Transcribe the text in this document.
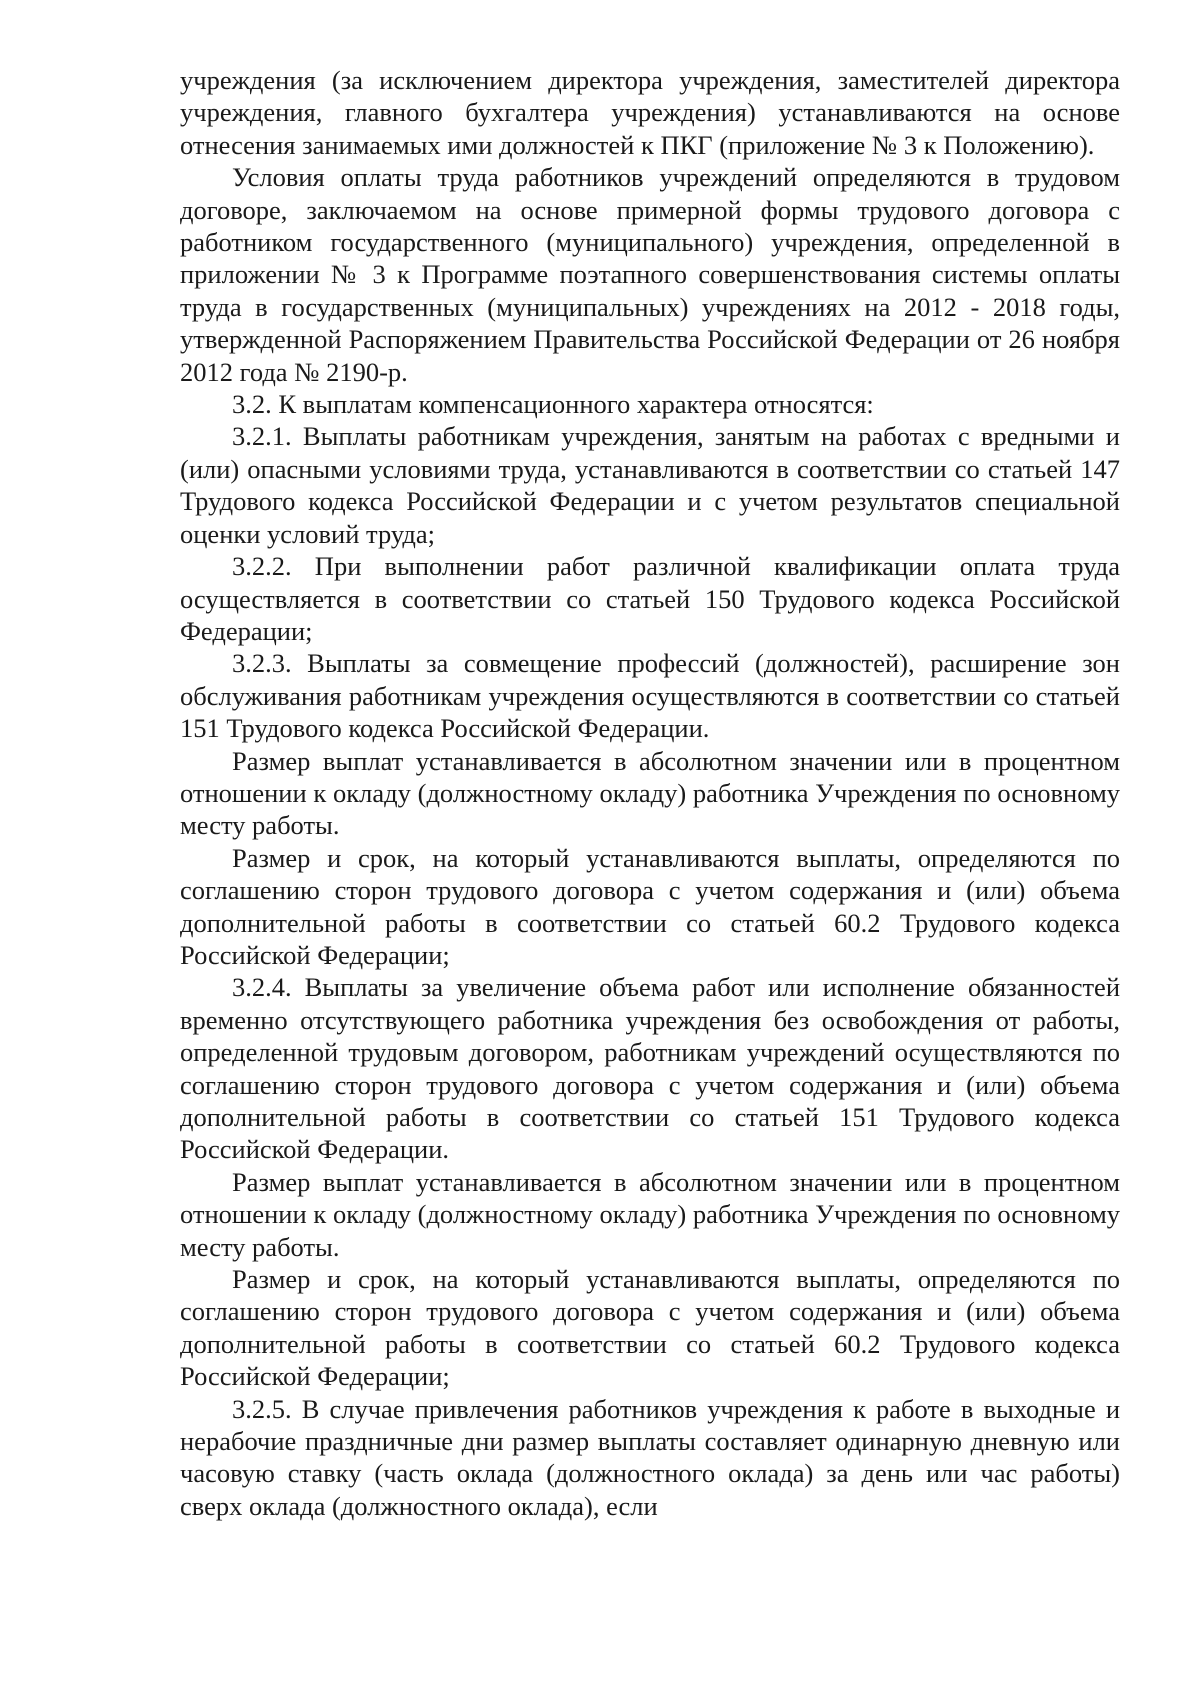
учреждения (за исключением директора учреждения, заместителей директора учреждения, главного бухгалтера учреждения) устанавливаются на основе отнесения занимаемых ими должностей к ПКГ (приложение № 3 к Положению).

Условия оплаты труда работников учреждений определяются в трудовом договоре, заключаемом на основе примерной формы трудового договора с работником государственного (муниципального) учреждения, определенной в приложении № 3 к Программе поэтапного совершенствования системы оплаты труда в государственных (муниципальных) учреждениях на 2012 - 2018 годы, утвержденной Распоряжением Правительства Российской Федерации от 26 ноября 2012 года № 2190-р.

3.2. К выплатам компенсационного характера относятся:

3.2.1. Выплаты работникам учреждения, занятым на работах с вредными и (или) опасными условиями труда, устанавливаются в соответствии со статьей 147 Трудового кодекса Российской Федерации и с учетом результатов специальной оценки условий труда;

3.2.2. При выполнении работ различной квалификации оплата труда осуществляется в соответствии со статьей 150 Трудового кодекса Российской Федерации;

3.2.3. Выплаты за совмещение профессий (должностей), расширение зон обслуживания работникам учреждения осуществляются в соответствии со статьей 151 Трудового кодекса Российской Федерации.

Размер выплат устанавливается в абсолютном значении или в процентном отношении к окладу (должностному окладу) работника Учреждения по основному месту работы.

Размер и срок, на который устанавливаются выплаты, определяются по соглашению сторон трудового договора с учетом содержания и (или) объема дополнительной работы в соответствии со статьей 60.2 Трудового кодекса Российской Федерации;

3.2.4. Выплаты за увеличение объема работ или исполнение обязанностей временно отсутствующего работника учреждения без освобождения от работы, определенной трудовым договором, работникам учреждений осуществляются по соглашению сторон трудового договора с учетом содержания и (или) объема дополнительной работы в соответствии со статьей 151 Трудового кодекса Российской Федерации.

Размер выплат устанавливается в абсолютном значении или в процентном отношении к окладу (должностному окладу) работника Учреждения по основному месту работы.

Размер и срок, на который устанавливаются выплаты, определяются по соглашению сторон трудового договора с учетом содержания и (или) объема дополнительной работы в соответствии со статьей 60.2 Трудового кодекса Российской Федерации;

3.2.5. В случае привлечения работников учреждения к работе в выходные и нерабочие праздничные дни размер выплаты составляет одинарную дневную или часовую ставку (часть оклада (должностного оклада) за день или час работы) сверх оклада (должностного оклада), если
